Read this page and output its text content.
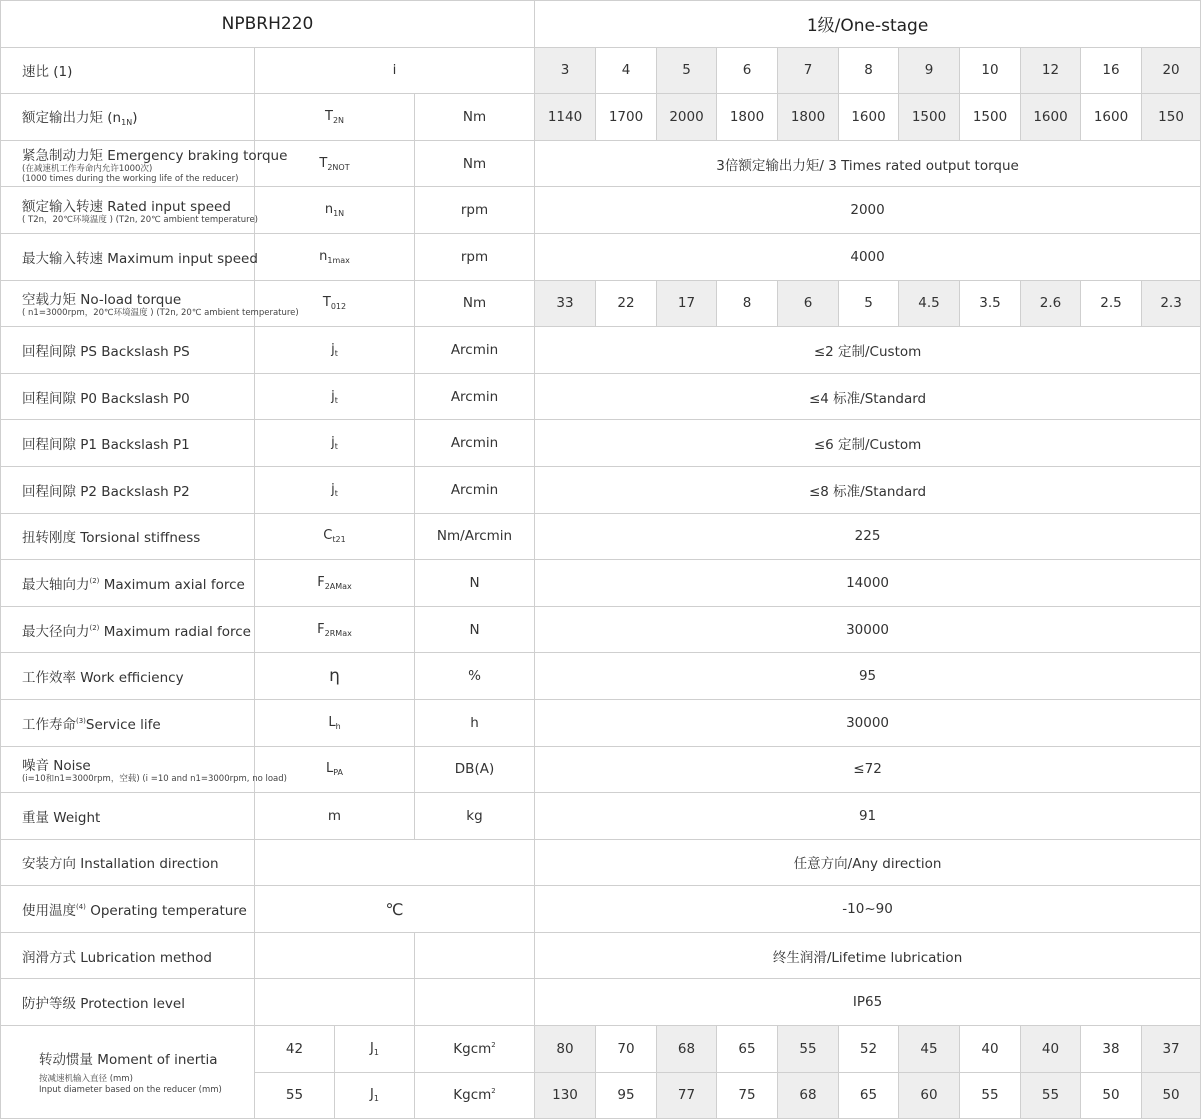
NPBRH220				1级/One-stage										
速比 (1)	i			3	4	5	6	7	8	9	10	12	16	20
额定输出力矩 $(n_{1N})$	$T_{2N}$		Nm	1140	1700	2000	1800	1800	1600	1500	1500	1600	1600	150

紧急制动力矩 Emergency braking torque
(在减速机工作寿命内允许1000次)
(1000 times during the working life of the reducer)	$T_{2NOT}$		Nm	3倍额定输出力矩/ 3 Times rated output torque										

额定输入转速 Rated input speed
( T2n，20℃环境温度 ) (T2n, 20℃ ambient temperature)	$n_{1N}$		rpm	2000										
最大输入转速 Maximum input speed	$n_{1max}$		rpm	4000										

空载力矩 No-load torque
( n1=3000rpm，20℃环境温度 ) (T2n, 20℃ ambient temperature)	$T_{012}$		Nm	33	22	17	8	6	5	4.5	3.5	2.6	2.5	2.3
回程间隙 PS Backslash PS	$j_t$		Arcmin	≤2 定制/Custom										
回程间隙 P0 Backslash P0	$j_t$		Arcmin	≤4 标准/Standard										
回程间隙 P1 Backslash P1	$j_t$		Arcmin	≤6 定制/Custom										
回程间隙 P2 Backslash P2	$j_t$		Arcmin	≤8 标准/Standard										
扭转刚度 Torsional stiffness	$C_{t21}$		Nm/Arcmin	225										
最大轴向力$^{(2)}$ Maximum axial force	$F_{2AMax}$		N	14000										
最大径向力$^{(2)}$ Maximum radial force	$F_{2RMax}$		N	30000										
工作效率 Work efficiency	η		%	95										
工作寿命$^{(3)}$Service life	$L_h$		h	30000										

噪音 Noise
(i=10和n1=3000rpm，空载) (i =10 and n1=3000rpm, no load)	$L_{PA}$		DB(A)	≤72										
重量 Weight	m		kg	91										
安装方向 Installation direction				任意方向/Any direction										
使用温度$^{(4)}$ Operating temperature	℃			-10~90										
润滑方式 Lubrication method				终生润滑/Lifetime lubrication										
防护等级 Protection level				IP65										

转动惯量 Moment of inertia
按减速机输入直径 (mm)
Input diameter based on the reducer (mm)	42	$J_1$	Kgcm$^2$	80	70	68	65	55	52	45	40	40	38	37
	55	$J_1$	Kgcm$^2$	130	95	77	75	68	65	60	55	55	50	50
